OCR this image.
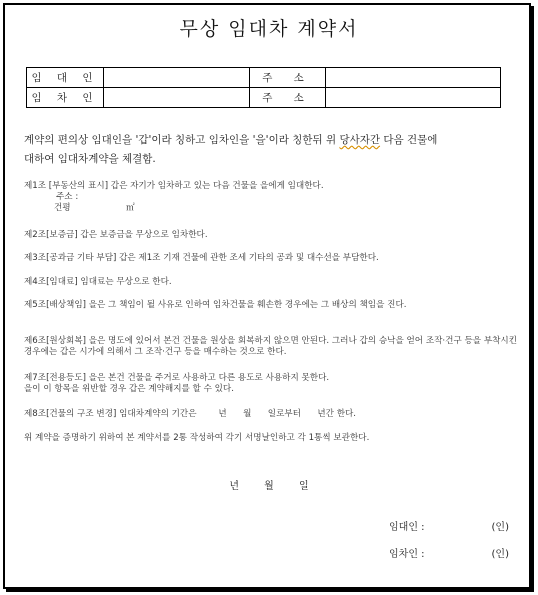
무상 임대차 계약서
임 대 인		주 소	
임 차 인		주 소	
계약의 편의상 임대인을 '갑'이라 칭하고 임차인을 '을'이라 칭한뒤 위 당사자간 다음 건물에
대하여 임대차계약을 체결함.
제1조 [부동산의 표시] 갑은 자기가 임차하고 있는 다음 건물을 을에게 임대한다.
주소 :
건평	㎡
제2조[보증금] 갑은 보증금을 무상으로 임차한다.
제3조[공과금 기타 부담] 갑은 제1조 기재 건물에 관한 조세 기타의 공과 및 대수선을 부담한다.
제4조[임대료] 임대료는 무상으로 한다.
제5조[배상책임] 을은 그 책임이 될 사유로 인하여 임차건물을 훼손한 경우에는 그 배상의 책임을 진다.
제6조[원상회복] 을은 명도에 있어서 본건 건물을 원상을 회복하지 않으면 안된다. 그러나 갑의 승낙을 얻어 조작·건구 등을 부착시킨 경우에는 갑은 시가에 의해서 그 조작·건구 등을 매수하는 것으로 한다.
제7조[전용등도] 을은 본건 건물을 주거로 사용하고 다른 용도로 사용하지 못한다.
을이 이 항목을 위반할 경우 갑은 계약해지를 할 수 있다.
제8조[건물의 구조 변경] 임대차계약의 기간은        년      월      일로부터      년간 한다.
위 계약을 증명하기 위하여 본 계약서를 2통 작성하여 각기 서명날인하고 각 1통씩 보관한다.
년 월 일
임대인 :	(인)
임차인 :	(인)
